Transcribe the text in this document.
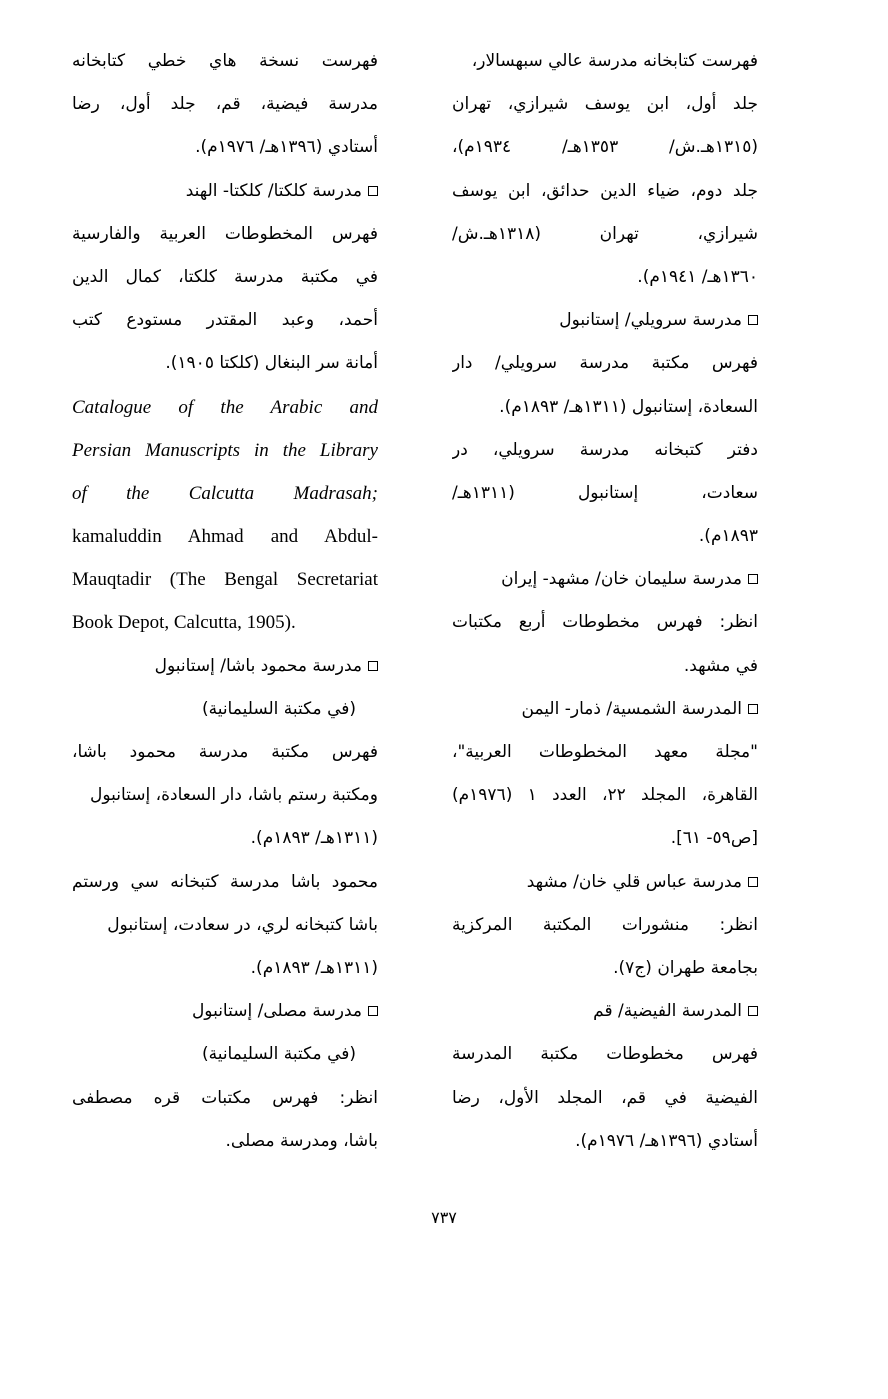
فهرست كتابخانه مدرسة عالي سبهسالار،
جلد أول، ابن يوسف شيرازي، تهران
(١٣١٥هـ.ش/ ١٣٥٣هـ/ ١٩٣٤م)،
جلد دوم، ضياء الدين حدائق، ابن يوسف
شيرازي، تهران (١٣١٨هـ.ش/
١٣٦٠هـ/ ١٩٤١م).
مدرسة سرويلي/ إستانبول
فهرس مكتبة مدرسة سرويلي/ دار
السعادة، إستانبول (١٣١١هـ/ ١٨٩٣م).
دفتر كتبخانه مدرسة سرويلي، در
سعادت، إستانبول (١٣١١هـ/
١٨٩٣م).
مدرسة سليمان خان/ مشهد- إيران
انظر: فهرس مخطوطات أربع مكتبات
في مشهد.
المدرسة الشمسية/ ذمار- اليمن
"مجلة معهد المخطوطات العربية"،
القاهرة، المجلد ٢٢، العدد ١ (١٩٧٦م)
[ص٥٩- ٦١].
مدرسة عباس قلي خان/ مشهد
انظر: منشورات المكتبة المركزية
بجامعة طهران (ج٧).
المدرسة الفيضية/ قم
فهرس مخطوطات مكتبة المدرسة
الفيضية في قم، المجلد الأول، رضا
أستادي (١٣٩٦هـ/ ١٩٧٦م).
فهرست نسخة هاي خطي كتابخانه
مدرسة فيضية، قم، جلد أول، رضا
أستادي (١٣٩٦هـ/ ١٩٧٦م).
مدرسة كلكتا/ كلكتا- الهند
فهرس المخطوطات العربية والفارسية
في مكتبة مدرسة كلكتا، كمال الدين
أحمد، وعبد المقتدر مستودع كتب
أمانة سر البنغال (كلكتا ١٩٠٥).
Catalogue of the Arabic and
Persian Manuscripts in the Library
of the Calcutta Madrasah;
kamaluddin Ahmad and Abdul-
Mauqtadir (The Bengal Secretariat
Book Depot, Calcutta, 1905).
مدرسة محمود باشا/ إستانبول
(في مكتبة السليمانية)
فهرس مكتبة مدرسة محمود باشا،
ومكتبة رستم باشا، دار السعادة، إستانبول
(١٣١١هـ/ ١٨٩٣م).
محمود باشا مدرسة كتبخانه سي ورستم
باشا كتبخانه لري، در سعادت، إستانبول
(١٣١١هـ/ ١٨٩٣م).
مدرسة مصلى/ إستانبول
(في مكتبة السليمانية)
انظر: فهرس مكتبات قره مصطفى
باشا، ومدرسة مصلى.
٧٣٧
